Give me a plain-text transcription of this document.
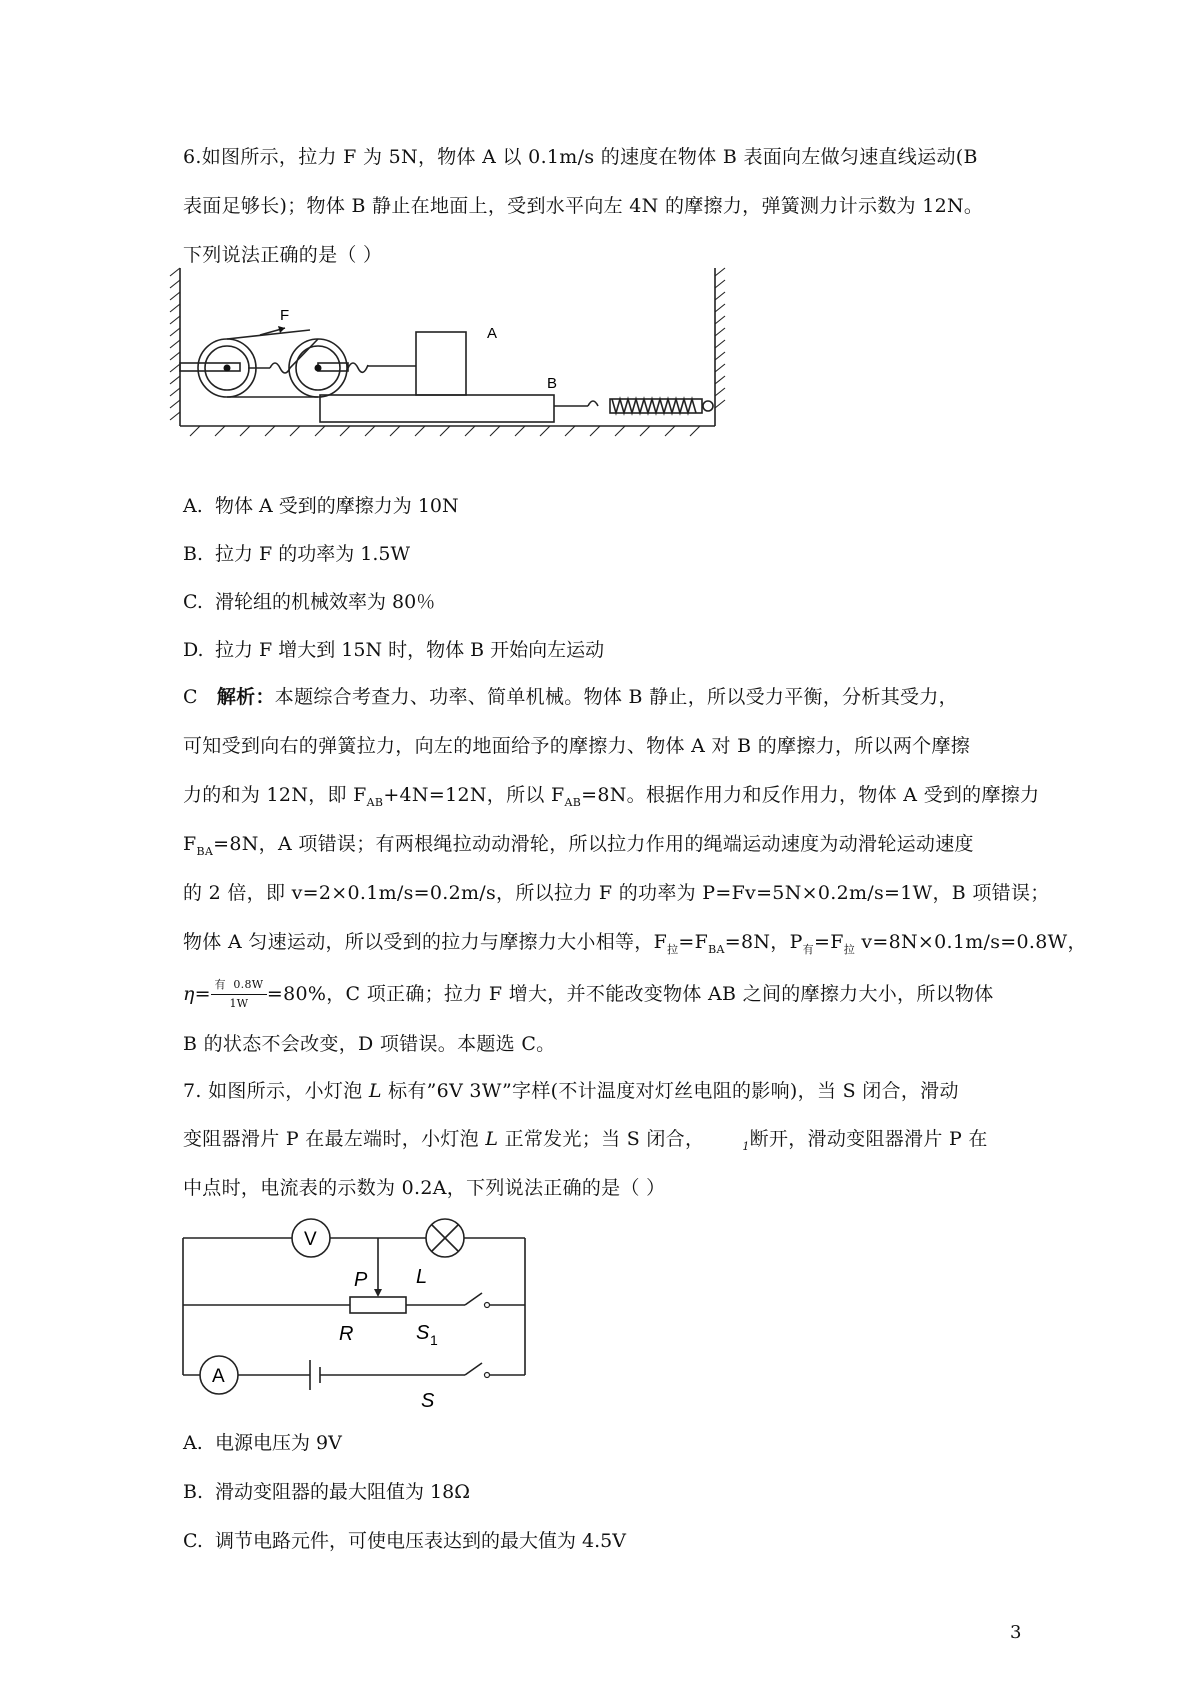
6.如图所示，拉力 F 为 5N，物体 A 以 0.1m/s 的速度在物体 B 表面向左做匀速直线运动(B
表面足够长)；物体 B 静止在地面上，受到水平向左 4N 的摩擦力，弹簧测力计示数为 12N。
下列说法正确的是（ ）
F
A
B
A. 物体 A 受到的摩擦力为 10N
B. 拉力 F 的功率为 1.5W
C. 滑轮组的机械效率为 80％
D. 拉力 F 增大到 15N 时，物体 B 开始向左运动
C 解析：本题综合考查力、功率、简单机械。物体 B 静止，所以受力平衡，分析其受力，
可知受到向右的弹簧拉力，向左的地面给予的摩擦力、物体 A 对 B 的摩擦力，所以两个摩擦
力的和为 12N，即 $F_{AB}+4N=12N$，所以 $F_{AB}=8N$。根据作用力和反作用力，物体 A 受到的摩擦力
$F_{BA}=8N$，A 项错误；有两根绳拉动动滑轮，所以拉力作用的绳端运动速度为动滑轮运动速度
的 2 倍，即 v=2×0.1m/s=0.2m/s，所以拉力 F 的功率为 P=Fv=5N×0.2m/s=1W，B 项错误；
物体 A 匀速运动，所以受到的拉力与摩擦力大小相等，$F_拉=F_{BA}=8N$，$P_有=F_拉$ v=8N×0.1m/s=0.8W，
$\eta= \frac{\text{有 0.8W}}{1W} =80\%$，C 项正确；拉力 F 增大，并不能改变物体 AB 之间的摩擦力大小，所以物体
B 的状态不会改变，D 项错误。本题选 C。
7. 如图所示，小灯泡 L 标有”6V 3W”字样(不计温度对灯丝电阻的影响)，当 S 闭合，滑动
变阻器滑片 P 在最左端时，小灯泡 L 正常发光；当 S 闭合，	$_1$断开，滑动变阻器滑片 P 在
中点时，电流表的示数为 0.2A，下列说法正确的是（ ）
V
A
P L
R	S 1
S
A. 电源电压为 9V
B. 滑动变阻器的最大阻值为 18Ω
C. 调节电路元件，可使电压表达到的最大值为 4.5V
3
